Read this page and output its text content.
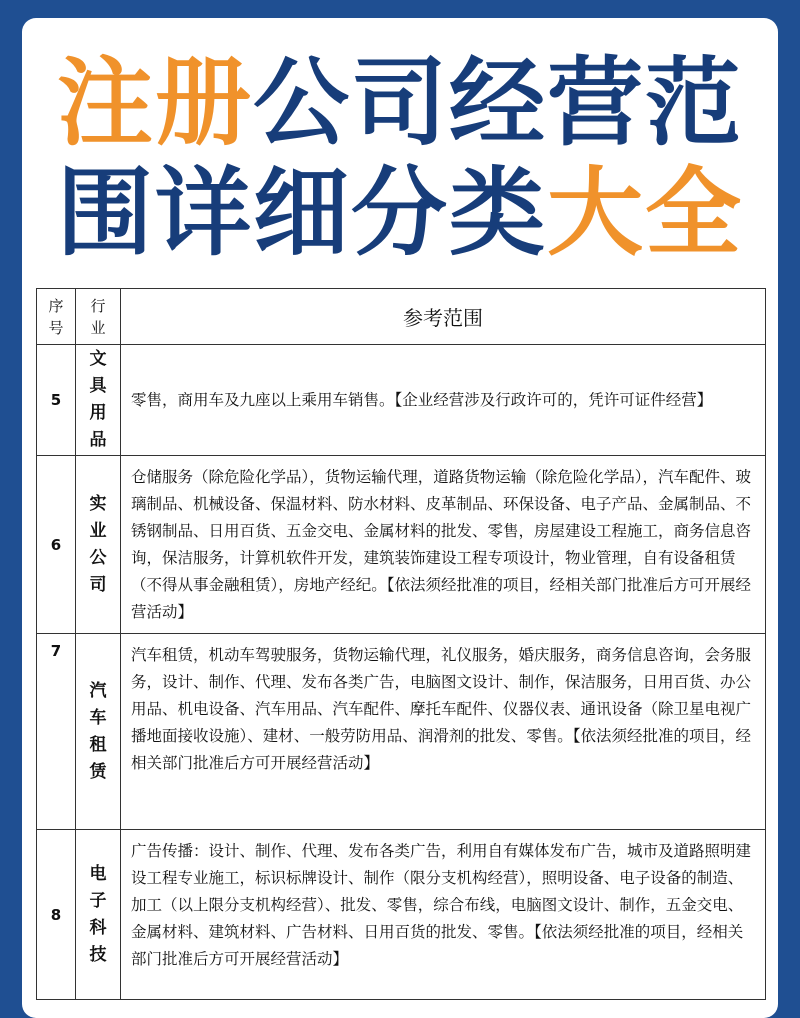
注册公司经营范
围详细分类大全
序号	行业	参考范围
5	文具用品	零售，商用车及九座以上乘用车销售。【企业经营涉及行政许可的，凭许可证件经营】
6	实业公司	仓储服务（除危险化学品），货物运输代理，道路货物运输（除危险化学品），汽车配件、玻璃制品、机械设备、保温材料、防水材料、皮革制品、环保设备、电子产品、金属制品、不锈钢制品、日用百货、五金交电、金属材料的批发、零售，房屋建设工程施工，商务信息咨询，保洁服务，计算机软件开发，建筑装饰建设工程专项设计，物业管理，自有设备租赁（不得从事金融租赁），房地产经纪。【依法须经批准的项目，经相关部门批准后方可开展经营活动】
7	汽车租赁	汽车租赁，机动车驾驶服务，货物运输代理，礼仪服务，婚庆服务，商务信息咨询，会务服务，设计、制作、代理、发布各类广告，电脑图文设计、制作，保洁服务，日用百货、办公用品、机电设备、汽车用品、汽车配件、摩托车配件、仪器仪表、通讯设备（除卫星电视广播地面接收设施）、建材、一般劳防用品、润滑剂的批发、零售。【依法须经批准的项目，经相关部门批准后方可开展经营活动】
8	电子科技	广告传播：设计、制作、代理、发布各类广告，利用自有媒体发布广告，城市及道路照明建设工程专业施工，标识标牌设计、制作（限分支机构经营），照明设备、电子设备的制造、加工（以上限分支机构经营）、批发、零售，综合布线，电脑图文设计、制作，五金交电、金属材料、建筑材料、广告材料、日用百货的批发、零售。【依法须经批准的项目，经相关部门批准后方可开展经营活动】
